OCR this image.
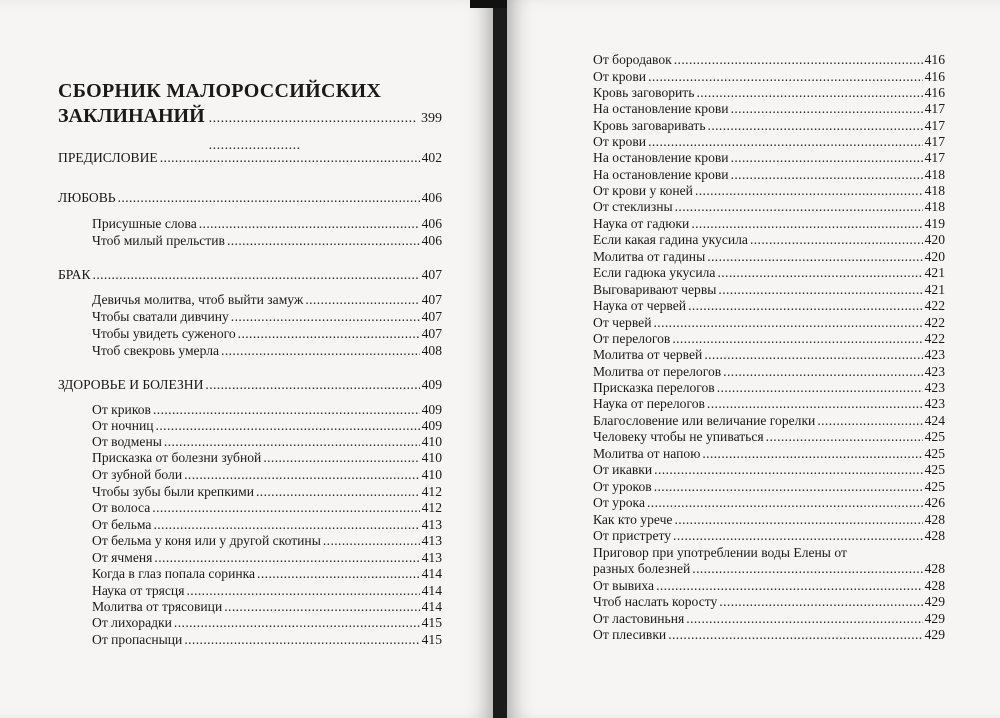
СБОРНИК МАЛОРОССИЙСКИХ
ЗАКЛИНАНИЙ . . .	399
ПРЕДИСЛОВИЕ . . .	402
ЛЮБОВЬ . . .	406
Присушные слова . . .	406
Чтоб милый прельстив . . .	406
БРАК . . .	407
Девичья молитва, чтоб выйти замуж . . .	407
Чтобы сватали дивчину . . .	407
Чтобы увидеть суженого . . .	407
Чтоб свекровь умерла . . .	408
ЗДОРОВЬЕ И БОЛЕЗНИ . . .	409
От криков . . .	409
От ночниц . . .	409
От водмены . . .	410
Присказка от болезни зубной . . .	410
От зубной боли . . .	410
Чтобы зубы были крепкими . . .	412
От волоса . . .	412
От бельма . . .	413
От бельма у коня или у другой скотины . . .	413
От ячменя . . .	413
Когда в глаз попала соринка . . .	414
Наука от трясця . . .	414
Молитва от трясовици . . .	414
От лихорадки . . .	415
От пропасныци . . .	415
От бородавок . . .	416
От крови . . .	416
Кровь заговорить . . .	416
На остановление крови . . .	417
Кровь заговаривать . . .	417
От крови . . .	417
На остановление крови . . .	417
На остановление крови . . .	418
От крови у коней . . .	418
От стеклизны . . .	418
Наука от гадюки . . .	419
Если какая гадина укусила . . .	420
Молитва от гадины . . .	420
Если гадюка укусила . . .	421
Выговаривают червы . . .	421
Наука от червей . . .	422
От червей . . .	422
От перелогов . . .	422
Молитва от червей . . .	423
Молитва от перелогов . . .	423
Присказка перелогов . . .	423
Наука от перелогов . . .	423
Благословение или величание горелки . . .	424
Человеку чтобы не упиваться . . .	425
Молитва от напою . . .	425
От икавки . . .	425
От уроков . . .	425
От урока . . .	426
Как кто урече . . .	428
От пристрету . . .	428
Приговор при употреблении воды Елены от
разных болезней . . .	428
От вывиха . . .	428
Чтоб наслать коросту . . .	429
От ластовиньня . . .	429
От плесивки . . .	429
